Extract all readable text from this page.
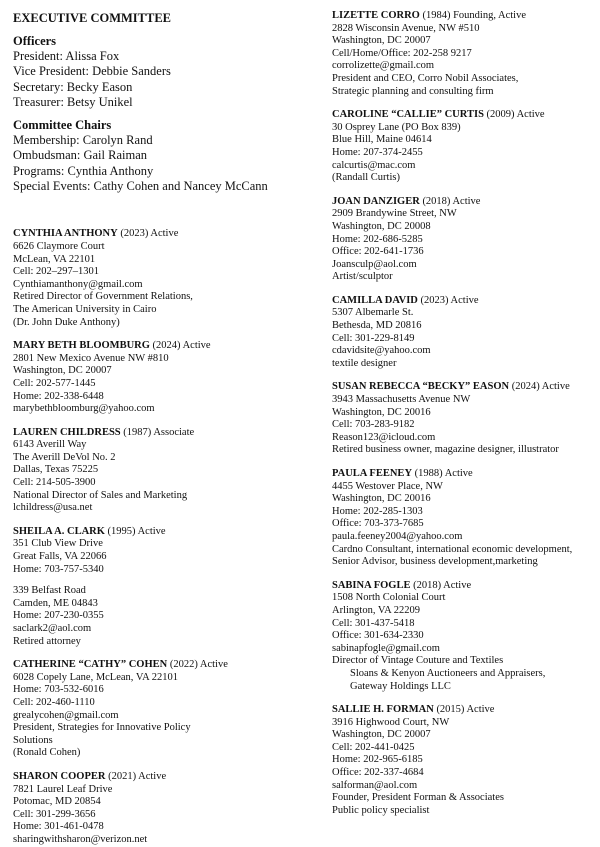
EXECUTIVE COMMITTEE
Officers
President: Alissa Fox
Vice President: Debbie Sanders
Secretary: Becky Eason
Treasurer: Betsy Unikel
Committee Chairs
Membership: Carolyn Rand
Ombudsman: Gail Raiman
Programs: Cynthia Anthony
Special Events: Cathy Cohen and Nancey McCann
CYNTHIA ANTHONY (2023) Active
6626 Claymore Court
McLean, VA 22101
Cell: 202–297–1301
Cynthiamanthony@gmail.com
Retired Director of Government Relations,
The American University in Cairo
(Dr. John Duke Anthony)
MARY BETH BLOOMBURG (2024) Active
2801 New Mexico Avenue NW #810
Washington, DC 20007
Cell: 202-577-1445
Home: 202-338-6448
marybethbloomburg@yahoo.com
LAUREN CHILDRESS (1987) Associate
6143 Averill Way
The Averill DeVol No. 2
Dallas, Texas 75225
Cell: 214-505-3900
National Director of Sales and Marketing
lchildress@usa.net
SHEILA A. CLARK (1995) Active
351 Club View Drive
Great Falls, VA 22066
Home: 703-757-5340
339 Belfast Road
Camden, ME 04843
Home: 207-230-0355
saclark2@aol.com
Retired attorney
CATHERINE “CATHY” COHEN (2022) Active
6028 Copely Lane, McLean, VA 22101
Home: 703-532-6016
Cell: 202-460-1110
grealycohen@gmail.com
President, Strategies for Innovative Policy
Solutions
(Ronald Cohen)
SHARON COOPER (2021) Active
7821 Laurel Leaf Drive
Potomac, MD 20854
Cell: 301-299-3656
Home: 301-461-0478
sharingwithsharon@verizon.net
LIZETTE CORRO (1984) Founding, Active
2828 Wisconsin Avenue, NW #510
Washington, DC 20007
Cell/Home/Office: 202-258 9217
corrolizette@gmail.com
President and CEO, Corro Nobil Associates,
Strategic planning and consulting firm
CAROLINE “CALLIE” CURTIS (2009) Active
30 Osprey Lane (PO Box 839)
Blue Hill, Maine 04614
Home: 207-374-2455
calcurtis@mac.com
(Randall Curtis)
JOAN DANZIGER (2018) Active
2909 Brandywine Street, NW
Washington, DC 20008
Home: 202-686-5285
Office: 202-641-1736
Joansculp@aol.com
Artist/sculptor
CAMILLA DAVID (2023) Active
5307 Albemarle St.
Bethesda, MD 20816
Cell: 301-229-8149
cdavidsite@yahoo.com
textile designer
SUSAN REBECCA “BECKY” EASON (2024) Active
3943 Massachusetts Avenue NW
Washington, DC 20016
Cell: 703-283-9182
Reason123@icloud.com
Retired business owner, magazine designer, illustrator
PAULA FEENEY (1988) Active
4455 Westover Place, NW
Washington, DC 20016
Home: 202-285-1303
Office: 703-373-7685
paula.feeney2004@yahoo.com
Cardno Consultant, international economic development,
Senior Advisor, business development,marketing
SABINA FOGLE (2018) Active
1508 North Colonial Court
Arlington, VA 22209
Cell: 301-437-5418
Office: 301-634-2330
sabinapfogle@gmail.com
Director of Vintage Couture and Textiles
Sloans & Kenyon Auctioneers and Appraisers,
Gateway Holdings LLC
SALLIE H. FORMAN (2015) Active
3916 Highwood Court, NW
Washington, DC 20007
Cell: 202-441-0425
Home: 202-965-6185
Office: 202-337-4684
salforman@aol.com
Founder, President Forman & Associates
Public policy specialist
